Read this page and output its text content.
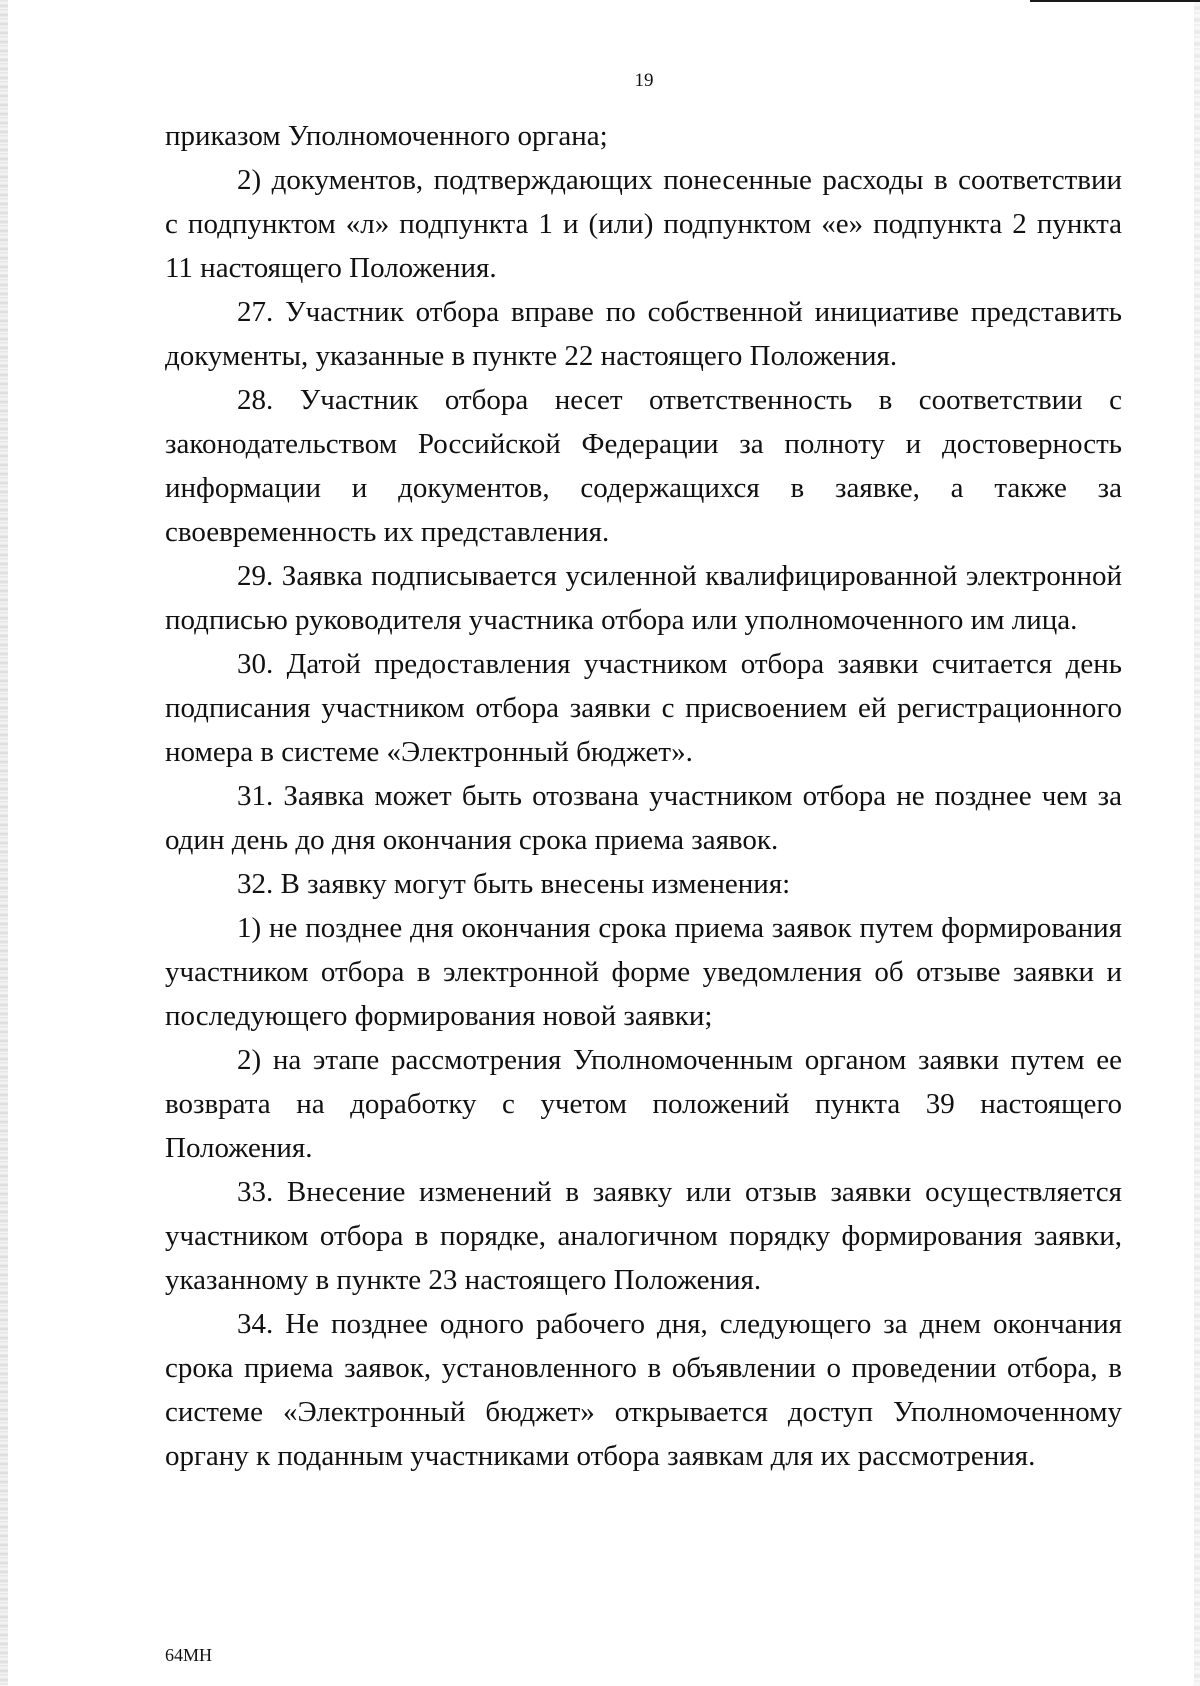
19

приказом Уполномоченного органа;

2) документов, подтверждающих понесенные расходы в соответствии с подпунктом «л» подпункта 1 и (или) подпунктом «е» подпункта 2 пункта 11 настоящего Положения.

27. Участник отбора вправе по собственной инициативе представить документы, указанные в пункте 22 настоящего Положения.

28. Участник отбора несет ответственность в соответствии с законодательством Российской Федерации за полноту и достоверность информации и документов, содержащихся в заявке, а также за своевременность их представления.

29. Заявка подписывается усиленной квалифицированной электронной подписью руководителя участника отбора или уполномоченного им лица.

30. Датой предоставления участником отбора заявки считается день подписания участником отбора заявки с присвоением ей регистрационного номера в системе «Электронный бюджет».

31. Заявка может быть отозвана участником отбора не позднее чем за один день до дня окончания срока приема заявок.

32. В заявку могут быть внесены изменения:

1) не позднее дня окончания срока приема заявок путем формирования участником отбора в электронной форме уведомления об отзыве заявки и последующего формирования новой заявки;

2) на этапе рассмотрения Уполномоченным органом заявки путем ее возврата на доработку с учетом положений пункта 39 настоящего Положения.

33. Внесение изменений в заявку или отзыв заявки осуществляется участником отбора в порядке, аналогичном порядку формирования заявки, указанному в пункте 23 настоящего Положения.

34. Не позднее одного рабочего дня, следующего за днем окончания срока приема заявок, установленного в объявлении о проведении отбора, в системе «Электронный бюджет» открывается доступ Уполномоченному органу к поданным участниками отбора заявкам для их рассмотрения.

64МН
